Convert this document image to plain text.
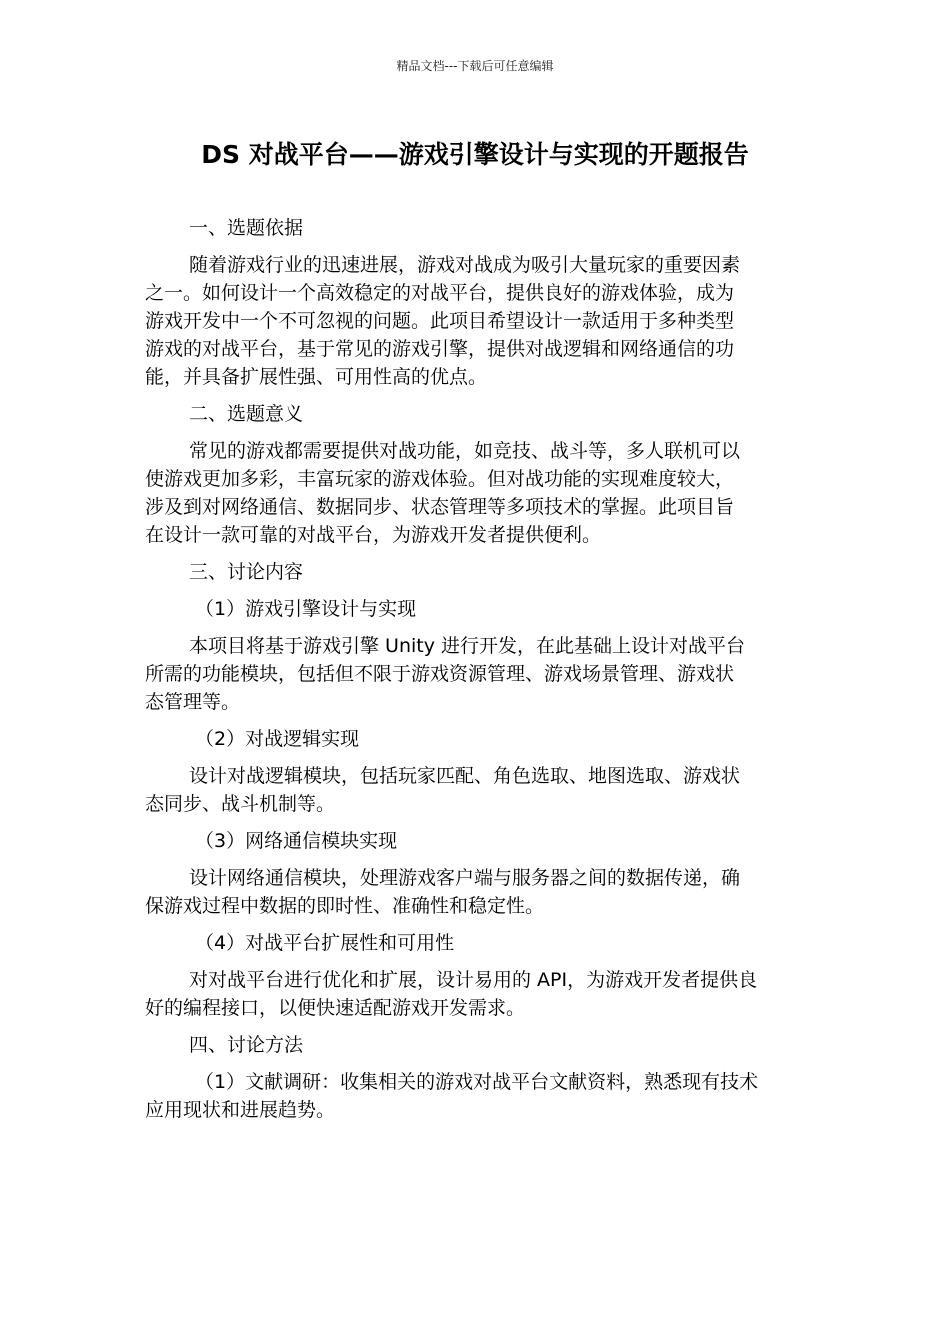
精品文档---下载后可任意编辑
DS 对战平台——游戏引擎设计与实现的开题报告

一、选题依据

随着游戏行业的迅速进展，游戏对战成为吸引大量玩家的重要因素
之一。如何设计一个高效稳定的对战平台，提供良好的游戏体验，成为
游戏开发中一个不可忽视的问题。此项目希望设计一款适用于多种类型
游戏的对战平台，基于常见的游戏引擎，提供对战逻辑和网络通信的功
能，并具备扩展性强、可用性高的优点。

二、选题意义

常见的游戏都需要提供对战功能，如竞技、战斗等，多人联机可以
使游戏更加多彩，丰富玩家的游戏体验。但对战功能的实现难度较大，
涉及到对网络通信、数据同步、状态管理等多项技术的掌握。此项目旨
在设计一款可靠的对战平台，为游戏开发者提供便利。

三、讨论内容

（1）游戏引擎设计与实现

本项目将基于游戏引擎 Unity 进行开发，在此基础上设计对战平台
所需的功能模块，包括但不限于游戏资源管理、游戏场景管理、游戏状
态管理等。

（2）对战逻辑实现

设计对战逻辑模块，包括玩家匹配、角色选取、地图选取、游戏状
态同步、战斗机制等。

（3）网络通信模块实现

设计网络通信模块，处理游戏客户端与服务器之间的数据传递，确
保游戏过程中数据的即时性、准确性和稳定性。

（4）对战平台扩展性和可用性

对对战平台进行优化和扩展，设计易用的 API，为游戏开发者提供良
好的编程接口，以便快速适配游戏开发需求。

四、讨论方法

（1）文献调研：收集相关的游戏对战平台文献资料，熟悉现有技术
应用现状和进展趋势。
